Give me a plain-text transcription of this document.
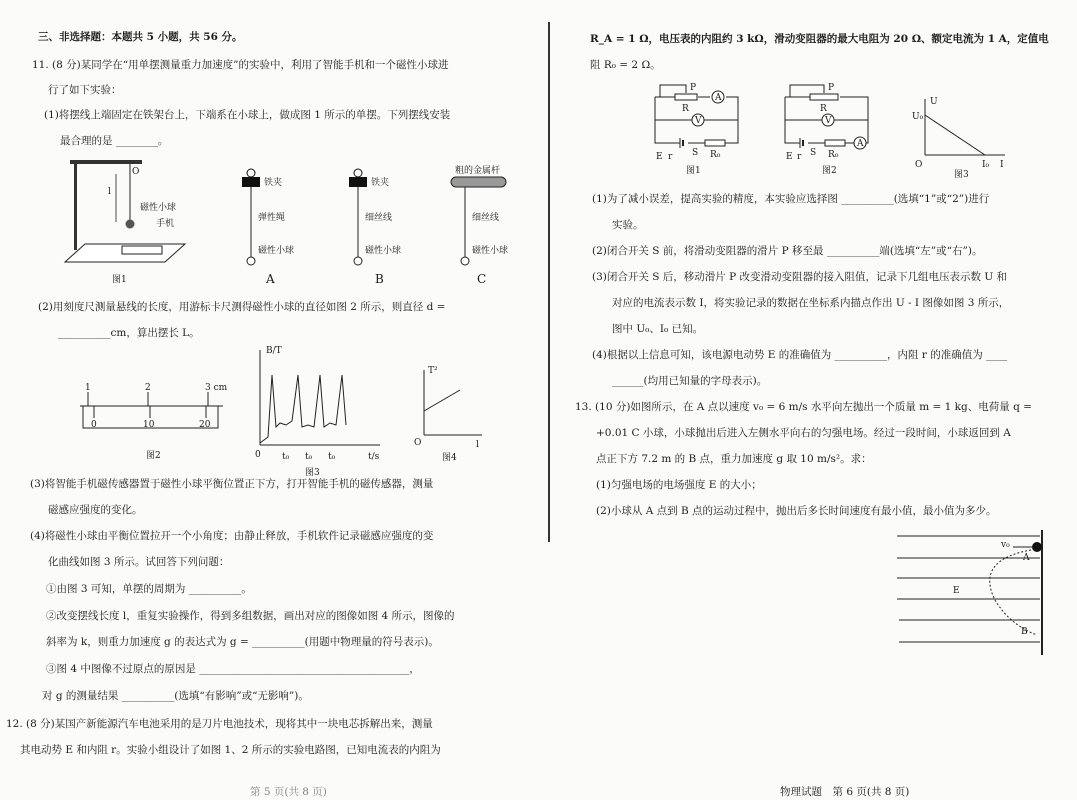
三、非选择题：本题共 5 小题，共 56 分。
11. (8 分)某同学在“用单摆测量重力加速度”的实验中，利用了智能手机和一个磁性小球进
行了如下实验：
(1)将摆线上端固定在铁架台上，下端系在小球上，做成图 1 所示的单摆。下列摆线安装
最合理的是 ________。
l
O
磁性小球
手机
图1
铁夹
弹性绳
磁性小球
A
铁夹
细丝线
磁性小球
B
粗的金属杆
细丝线
磁性小球
C
(2)用刻度尺测量悬线的长度，用游标卡尺测得磁性小球的直径如图 2 所示，则直径 d =
__________cm，算出摆长 L。
1	2	3 cm
0	10	20
图2
B/T
t/s
0 t₀ t₀ t₀
图3
T²
l
O
图4
(3)将智能手机磁传感器置于磁性小球平衡位置正下方，打开智能手机的磁传感器，测量
磁感应强度的变化。
(4)将磁性小球由平衡位置拉开一个小角度；由静止释放，手机软件记录磁感应强度的变
化曲线如图 3 所示。试回答下列问题：
①由图 3 可知，单摆的周期为 __________。
②改变摆线长度 l，重复实验操作，得到多组数据，画出对应的图像如图 4 所示，图像的
斜率为 k，则重力加速度 g 的表达式为 g = __________(用题中物理量的符号表示)。
③图 4 中图像不过原点的原因是 ________________________________________，
对 g 的测量结果 __________(选填“有影响”或“无影响”)。
12. (8 分)某国产新能源汽车电池采用的是刀片电池技术，现将其中一块电芯拆解出来，测量
其电动势 E 和内阻 r。实验小组设计了如图 1、2 所示的实验电路图，已知电流表的内阻为
第 5 页(共 8 页)
R_A = 1 Ω，电压表的内阻约 3 kΩ，滑动变阻器的最大电阻为 20 Ω、额定电流为 1 A，定值电
阻 R₀ = 2 Ω。
A
V
P
R
E r S R₀
图1
V
A
P
R
E r S R₀
图2
U
I
U₀
I₀
O
图3
(1)为了减小误差，提高实验的精度，本实验应选择图 __________(选填“1”或“2”)进行
实验。
(2)闭合开关 S 前，将滑动变阻器的滑片 P 移至最 __________端(选填“左”或“右”)。
(3)闭合开关 S 后，移动滑片 P 改变滑动变阻器的接入阻值，记录下几组电压表示数 U 和
对应的电流表示数 I，将实验记录的数据在坐标系内描点作出 U - I 图像如图 3 所示，
图中 U₀、I₀ 已知。
(4)根据以上信息可知，该电源电动势 E 的准确值为 __________，内阻 r 的准确值为 ____
______(均用已知量的字母表示)。
13. (10 分)如图所示，在 A 点以速度 v₀ = 6 m/s 水平向左抛出一个质量 m = 1 kg、电荷量 q =
+0.01 C 小球，小球抛出后进入左侧水平向右的匀强电场。经过一段时间，小球返回到 A
点正下方 7.2 m 的 B 点，重力加速度 g 取 10 m/s²。求：
(1)匀强电场的电场强度 E 的大小；
(2)小球从 A 点到 B 点的运动过程中，抛出后多长时间速度有最小值，最小值为多少。
v₀
A
B
E
物理试题　第 6 页(共 8 页)
